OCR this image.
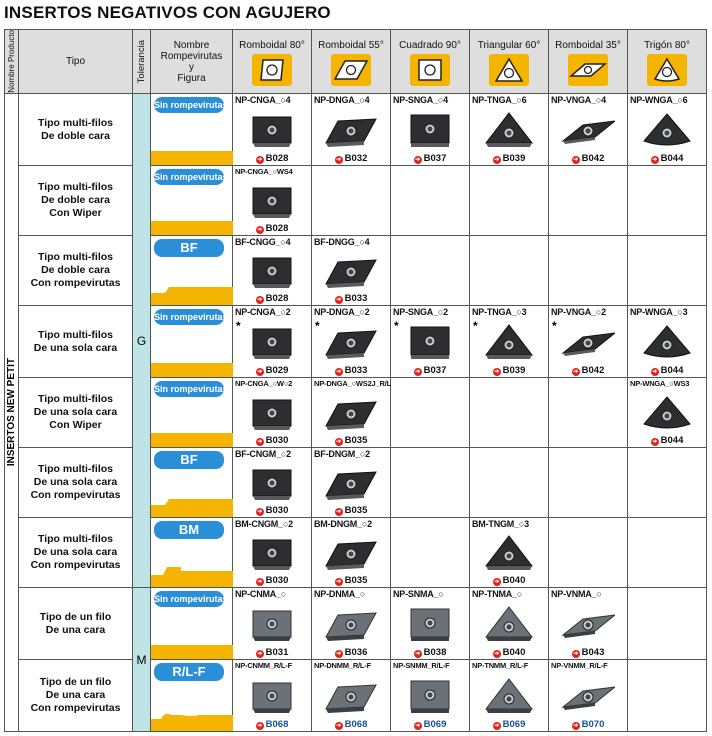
INSERTOS NEGATIVOS CON AGUJERO
Nombre Producto	Tipo	Tolerancia	Nombre
Rompevirutas
y
Figura	Romboidal 80°	Romboidal 55°	Cuadrado 90°	Triangular 60°	Romboidal 35°	Trigón 80°

INSERTOS NEW PETIT	Tipo multi-filos
De doble cara	G	Sin rompevirutas	NP-CNGA_○4
➜ B028	NP-DNGA_○4
➜ B032	NP-SNGA_○4
➜ B037	NP-TNGA_○6
➜ B039	NP-VNGA_○4
➜ B042	NP-WNGA_○6
➜ B044

	Tipo multi-filos
De doble cara
Con Wiper		Sin rompevirutas	NP-CNGA_○WS4
➜ B028					

	Tipo multi-filos
De doble cara
Con rompevirutas		BF	BF-CNGG_○4
➜ B028	BF-DNGG_○4
➜ B033				

	Tipo multi-filos
De una sola cara		Sin rompevirutas	NP-CNGA_○2
*
➜ B029	NP-DNGA_○2
*
➜ B033	NP-SNGA_○2
*
➜ B037	NP-TNGA_○3
*
➜ B039	NP-VNGA_○2
*
➜ B042	NP-WNGA_○3
➜ B044

	Tipo multi-filos
De una sola cara
Con Wiper		Sin rompevirutas	NP-CNGA_○W○2
➜ B030	NP-DNGA_○WS2J_R/L
➜ B035				NP-WNGA_○WS3
➜ B044

	Tipo multi-filos
De una sola cara
Con rompevirutas		BF	BF-CNGM_○2
➜ B030	BF-DNGM_○2
➜ B035				

	Tipo multi-filos
De una sola cara
Con rompevirutas		BM	BM-CNGM_○2
➜ B030	BM-DNGM_○2
➜ B035		BM-TNGM_○3
➜ B040		

	Tipo de un filo
De una cara	M	Sin rompevirutas	NP-CNMA_○
➜ B031	NP-DNMA_○
➜ B036	NP-SNMA_○
➜ B038	NP-TNMA_○
➜ B040	NP-VNMA_○
➜ B043	

	Tipo de un filo
De una cara
Con rompevirutas		R/L-F	NP-CNMM_R/L-F
➜ B068	NP-DNMM_R/L-F
➜ B068	NP-SNMM_R/L-F
➜ B069	NP-TNMM_R/L-F
➜ B069	NP-VNMM_R/L-F
➜ B070	
